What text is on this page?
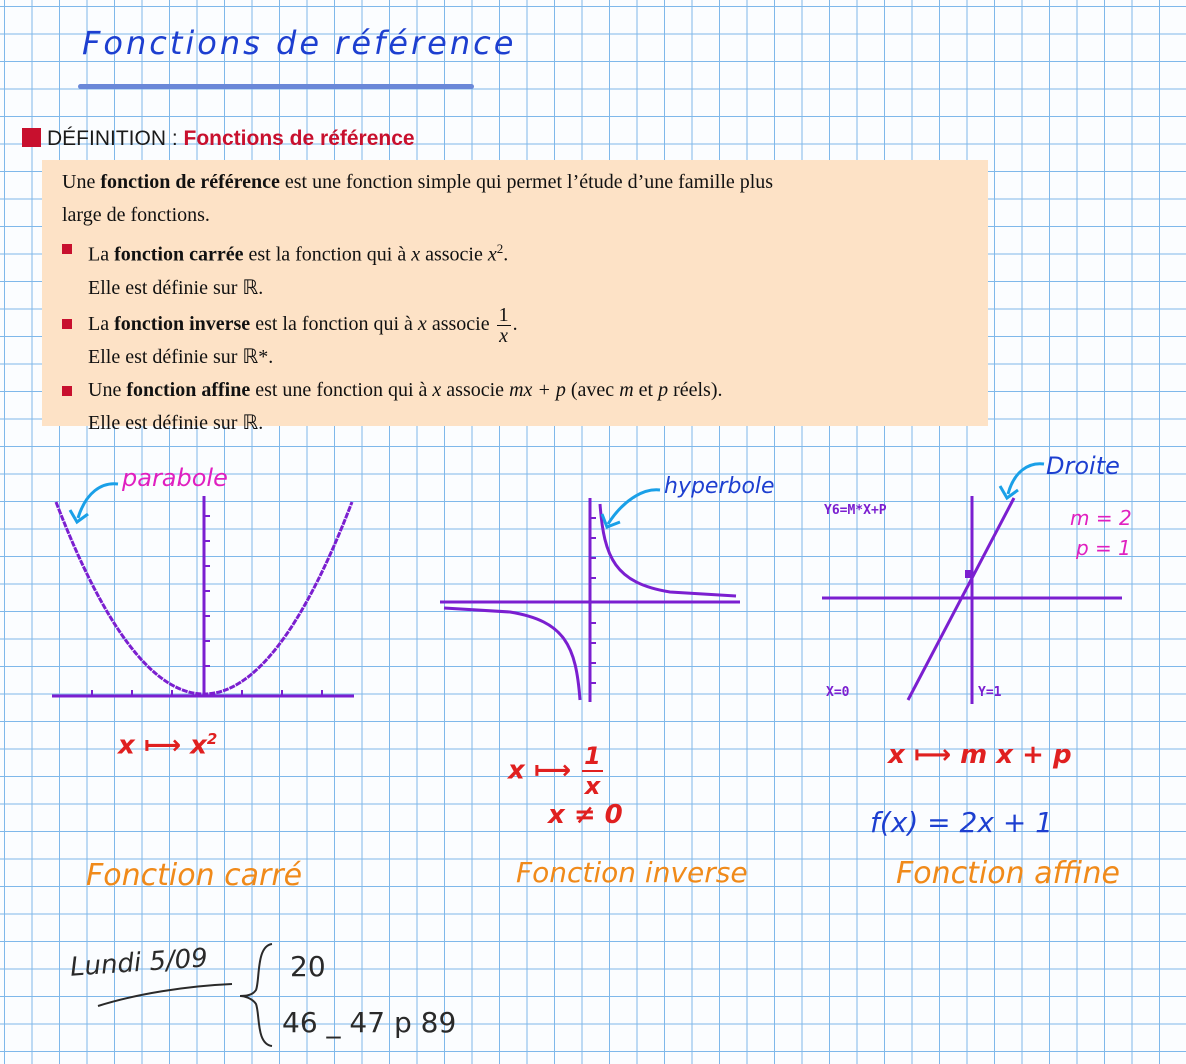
Fonctions de référence
DÉFINITION : Fonctions de référence
Une fonction de référence est une fonction simple qui permet l’étude d’une famille plus
large de fonctions.
La fonction carrée est la fonction qui à x associe $x^2$.
Elle est définie sur ℝ.
La fonction inverse est la fonction qui à x associe $\frac{1}{x}$ .
Elle est définie sur ℝ*.
Une fonction affine est une fonction qui à x associe mx + p (avec m et p réels).
Elle est définie sur ℝ.
parabole	hyperbole
Y6=M*X+P
X=0	Y=1
Droite
m = 2
p = 1
x ⟼ $x^2$
x ⟼ $\frac{1}{x}$
x ≠ 0
x ⟼ m x + p
f(x) = 2x + 1
Fonction carré	Fonction inverse	Fonction affine
Lundi 5/09	20
46 _ 47 p 89
